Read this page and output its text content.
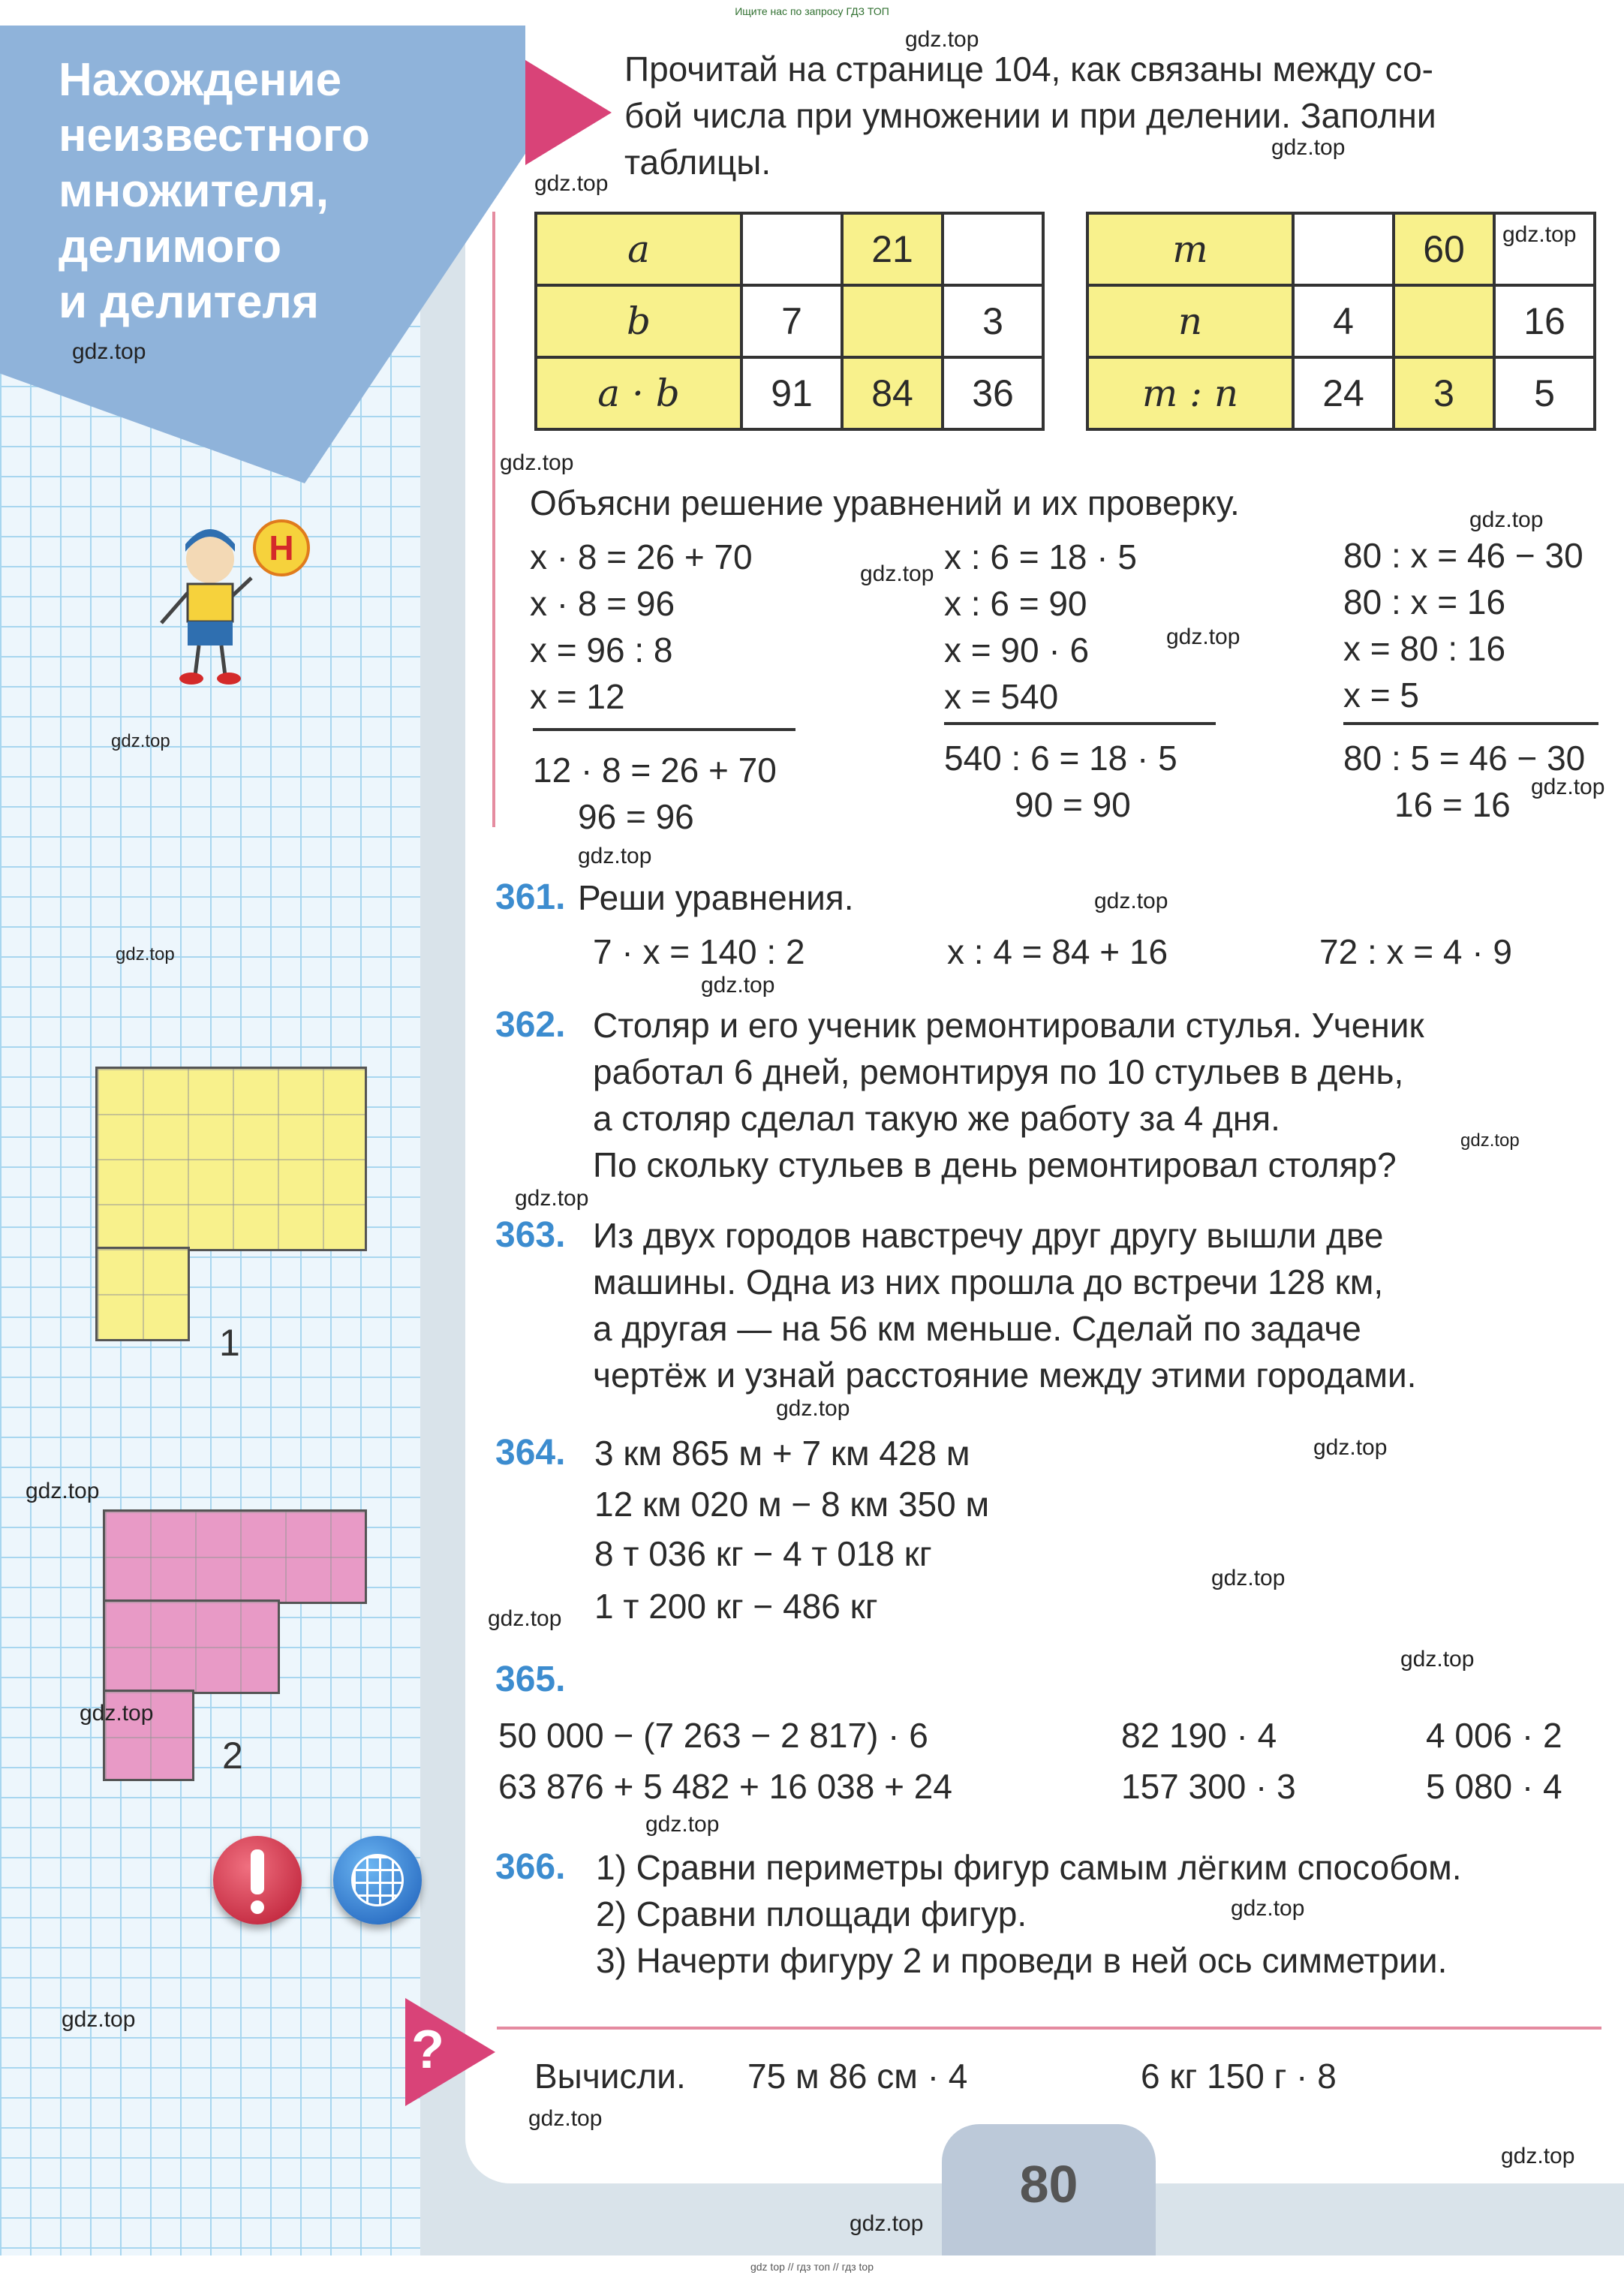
Ищите нас по запросу ГДЗ ТОП
Нахождение
неизвестного
множителя,
делимого
и делителя
Н
1
2
Прочитай на странице 104, как связаны между со-
бой числа при умножении и при делении. Заполни
таблицы.
a		21	
b	7		3
a · b	91	84	36
m		60	
n	4		16
m : n	24	3	5
Объясни решение уравнений и их проверку.
x · 8 = 26 + 70
x · 8 = 96
x = 96 : 8
x = 12
12 · 8 = 26 + 70
96 = 96
x : 6 = 18 · 5
x : 6 = 90
x = 90 · 6
x = 540
540 : 6 = 18 · 5
90 = 90
80 : x = 46 − 30
80 : x = 16
x = 80 : 16
x = 5
80 : 5 = 46 − 30
16 = 16
361. Реши уравнения.
7 · x = 140 : 2	x : 4 = 84 + 16	72 : x = 4 · 9
362. Столяр и его ученик ремонтировали стулья. Ученик
работал 6 дней, ремонтируя по 10 стульев в день,
а столяр сделал такую же работу за 4 дня.
По скольку стульев в день ремонтировал столяр?
363. Из двух городов навстречу друг другу вышли две
машины. Одна из них прошла до встречи 128 км,
а другая — на 56 км меньше. Сделай по задаче
чертёж и узнай расстояние между этими городами.
364. 3 км 865 м + 7 км 428 м
12 км 020 м − 8 км 350 м
8 т 036 кг − 4 т 018 кг
1 т 200 кг − 486 кг
365.
50 000 − (7 263 − 2 817) · 6
63 876 + 5 482 + 16 038 + 24
82 190 · 4
157 300 · 3
4 006 · 2
5 080 · 4
366. 1) Сравни периметры фигур самым лёгким способом.
2) Сравни площади фигур.
3) Начерти фигуру 2 и проведи в ней ось симметрии.
?	Вычисли. 75 м 86 см · 4	6 кг 150 г · 8
80
gdz.top
gdz.top
gdz.top
gdz.top
gdz.top
gdz.top
gdz.top
gdz.top
gdz.top
gdz.top
gdz.top
gdz.top
gdz.top
gdz.top
gdz.top
gdz.top
gdz.top
gdz.top
gdz.top
gdz.top
gdz.top
gdz.top
gdz.top
gdz.top
gdz.top
gdz.top
gdz.top
gdz.top
gdz.top
gdz.top
gdz top // гдз топ // гдз top
